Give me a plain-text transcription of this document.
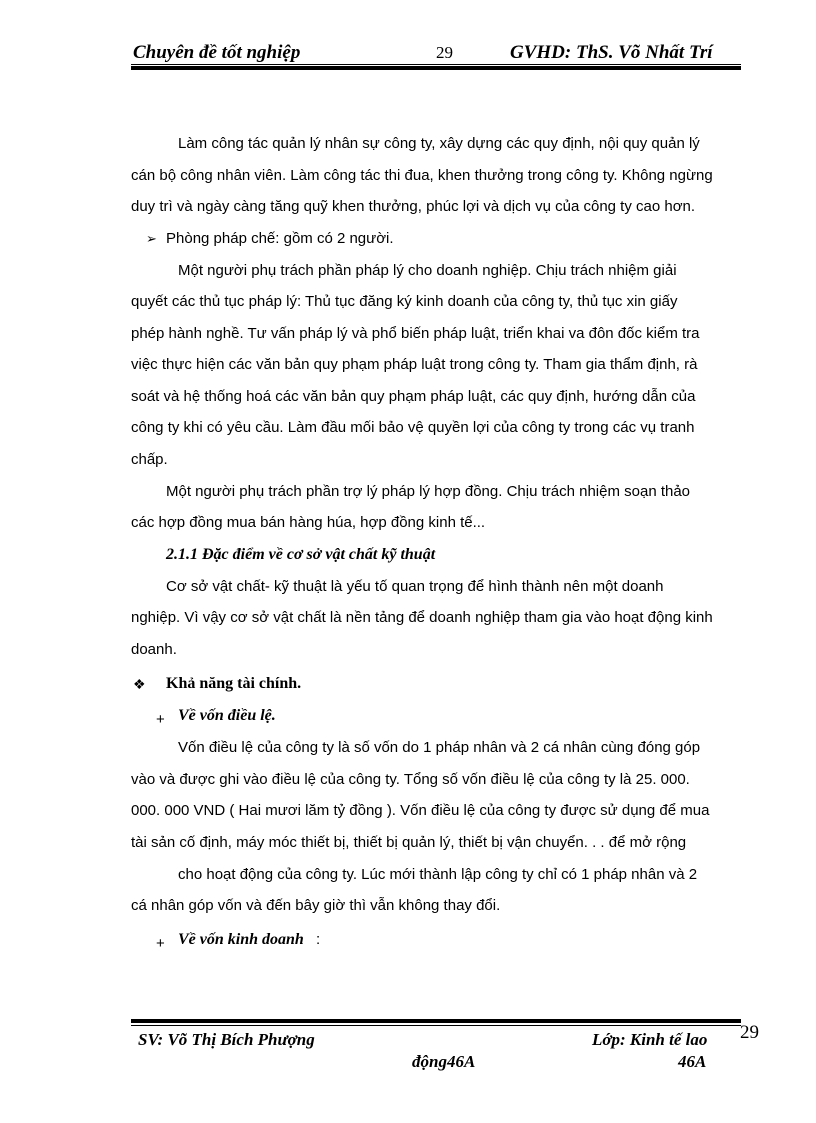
Chuyên đề tốt nghiệp	29	GVHD: ThS. Võ Nhất Trí
Làm công tác quản lý nhân sự công ty, xây dựng các quy định, nội quy quản lý
cán bộ công nhân viên. Làm công tác thi đua, khen thưởng trong công ty. Không ngừng
duy trì và ngày càng tăng quỹ khen thưởng, phúc lợi và dịch vụ của công ty cao hơn.
➢ Phòng pháp chế: gồm có 2 người.
Một người phụ trách phần pháp lý cho doanh nghiệp. Chịu trách nhiệm giải
quyết các thủ tục pháp lý: Thủ tục đăng ký kinh doanh của công ty, thủ tục xin giấy
phép hành nghề. Tư vấn pháp lý và phổ biến pháp luật, triển khai va đôn đốc kiểm tra
việc thực hiện các văn bản quy phạm pháp luật trong công ty. Tham gia thẩm định, rà
soát và hệ thống hoá các văn bản quy phạm pháp luật, các quy định, hướng dẫn của
công ty khi có yêu cầu. Làm đầu mối bảo vệ quyền lợi của công ty trong các vụ tranh
chấp.
Một người phụ trách phần trợ lý pháp lý hợp đồng. Chịu trách nhiệm soạn thảo
các hợp đồng mua bán hàng húa, hợp đồng kinh tế...
2.1.1 Đặc điểm về cơ sở vật chất kỹ thuật
Cơ sở vật chất- kỹ thuật là yếu tố quan trọng để hình thành nên một doanh
nghiệp. Vì vậy cơ sở vật chất là nền tảng để doanh nghiệp tham gia vào hoạt động kinh
doanh.
❖ Khả năng tài chính.
+ Về vốn điều lệ.
Vốn điều lệ của công ty là số vốn do 1 pháp nhân và 2 cá nhân cùng đóng góp
vào và được ghi vào điều lệ của công ty. Tổng số vốn điều lệ của công ty là 25. 000.
000. 000 VND ( Hai mươi lăm tỷ đồng ). Vốn điều lệ của công ty được sử dụng để mua
tài sản cố định, máy móc thiết bị, thiết bị quản lý, thiết bị vận chuyển. . . để mở rộng
cho hoạt động của công ty. Lúc mới thành lập công ty chỉ có 1 pháp nhân và 2
cá nhân góp vốn và đến bây giờ thì vẫn không thay đổi.
+ Về vốn kinh doanh :
SV: Võ Thị Bích Phượng	Lớp: Kinh tế lao
động46A	46A
29
